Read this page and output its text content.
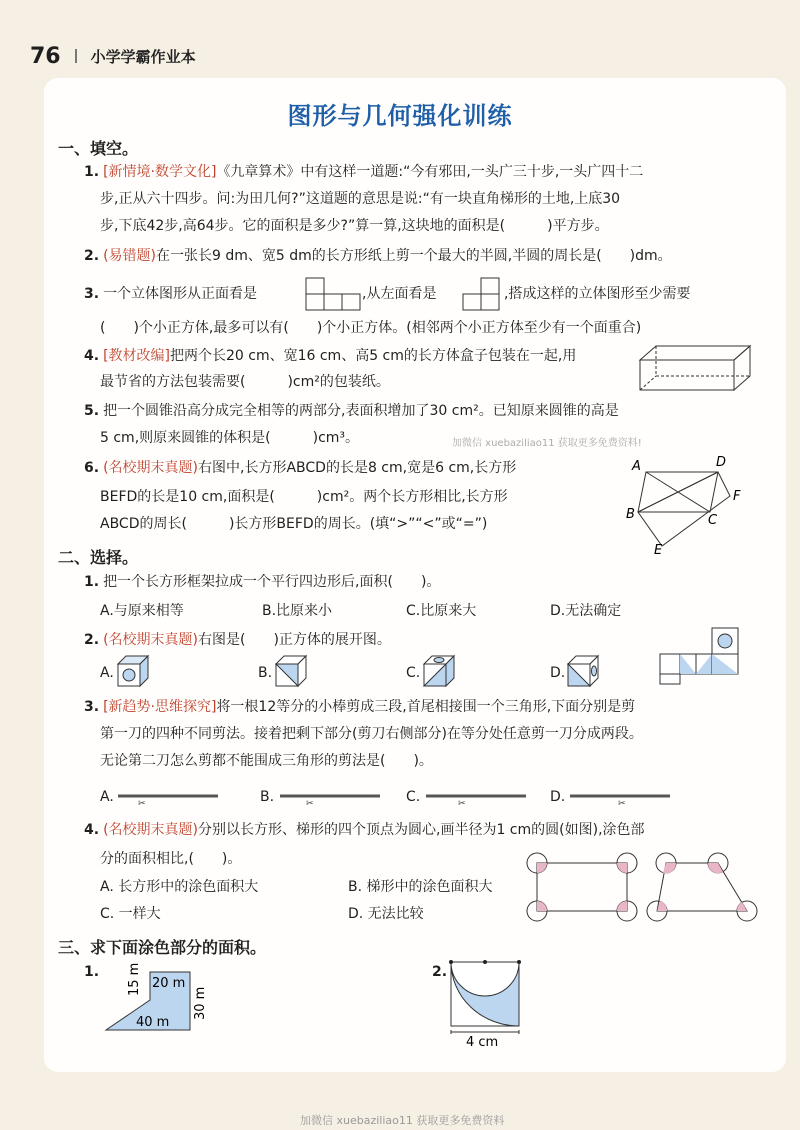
76 小学学霸作业本
图形与几何强化训练
一、填空。
1. [新情境·数学文化]《九章算术》中有这样一道题:“今有邪田,一头广三十步,一头广四十二
步,正从六十四步。问:为田几何?”这道题的意思是说:“有一块直角梯形的土地,上底30
步,下底42步,高64步。它的面积是多少?”算一算,这块地的面积是(　　　)平方步。
2. (易错题)在一张长9 dm、宽5 dm的长方形纸上剪一个最大的半圆,半圆的周长是(　　)dm。
3. 一个立体图形从正面看是	,从左面看是	,搭成这样的立体图形至少需要
(　　)个小正方体,最多可以有(　　)个小正方体。(相邻两个小正方体至少有一个面重合)
4. [教材改编]把两个长20 cm、宽16 cm、高5 cm的长方体盒子包装在一起,用
最节省的方法包装需要(　　　)cm²的包装纸。
5. 把一个圆锥沿高分成完全相等的两部分,表面积增加了30 cm²。已知原来圆锥的高是
5 cm,则原来圆锥的体积是(　　　)cm³。	加微信 xuebaziliao11 获取更多免费资料!
6. (名校期末真题)右图中,长方形ABCD的长是8 cm,宽是6 cm,长方形
BEFD的长是10 cm,面积是(　　　)cm²。两个长方形相比,长方形
ABCD的周长(　　　)长方形BEFD的周长。(填“>”“<”或“=”)
A	D
F
B	C
E
二、选择。
1. 把一个长方形框架拉成一个平行四边形后,面积(　　)。
A.与原来相等	B.比原来小	C.比原来大	D.无法确定
2. (名校期末真题)右图是(　　)正方体的展开图。
A.	B.	C.	D.
3. [新趋势·思维探究]将一根12等分的小棒剪成三段,首尾相接围一个三角形,下面分别是剪
第一刀的四种不同剪法。接着把剩下部分(剪刀右侧部分)在等分处任意剪一刀分成两段。
无论第二刀怎么剪都不能围成三角形的剪法是(　　)。
A.	✂	B.	✂	C.	✂	D.	✂
4. (名校期末真题)分别以长方形、梯形的四个顶点为圆心,画半径为1 cm的圆(如图),涂色部
分的面积相比,(　　)。
A. 长方形中的涂色面积大	B. 梯形中的涂色面积大
C. 一样大	D. 无法比较
三、求下面涂色部分的面积。
1.
20 m
15 m
30 m
40 m
2.
4 cm
加微信 xuebaziliao11 获取更多免费资料
